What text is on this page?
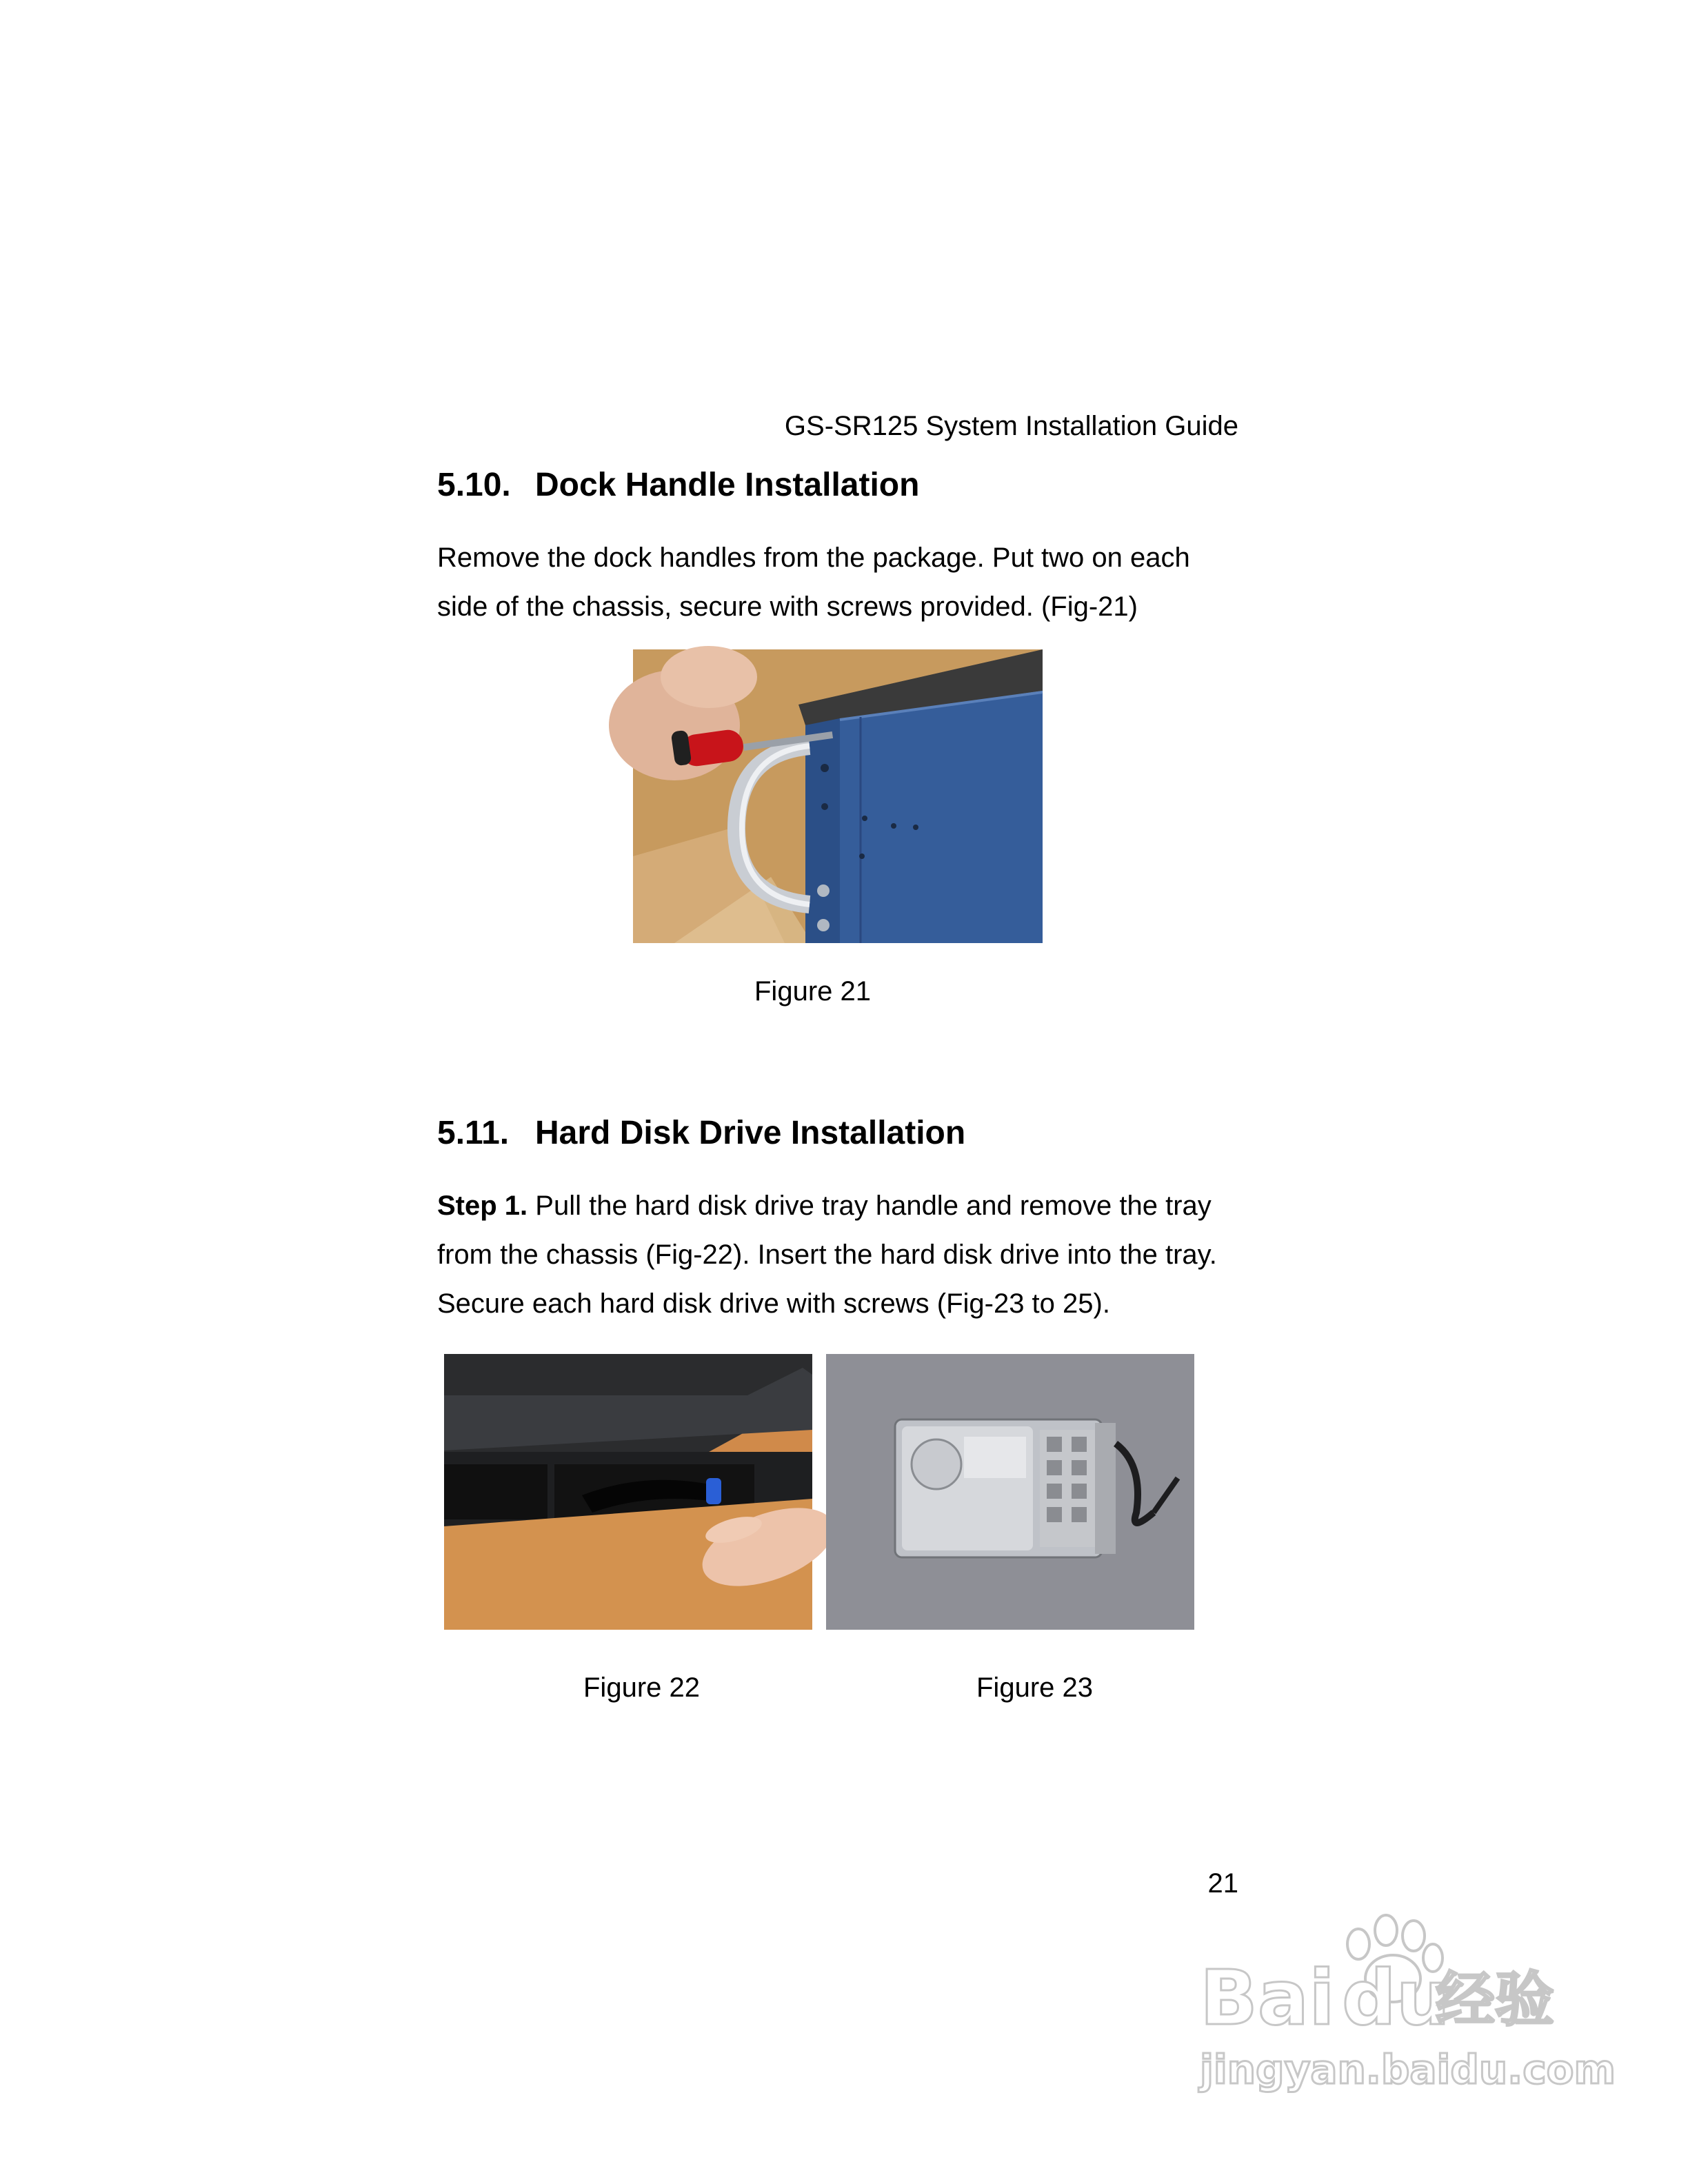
GS-SR125 System Installation Guide
5.10. Dock Handle Installation
Remove the dock handles from the package. Put two on each
side of the chassis, secure with screws provided. (Fig-21)
Figure 21
5.11. Hard Disk Drive Installation
Step 1. Pull the hard disk drive tray handle and remove the tray
from the chassis (Fig-22). Insert the hard disk drive into the tray.
Secure each hard disk drive with screws (Fig-23 to 25).
Figure 22	Figure 23
21
Bai du
经验
jingyan.baidu.com
